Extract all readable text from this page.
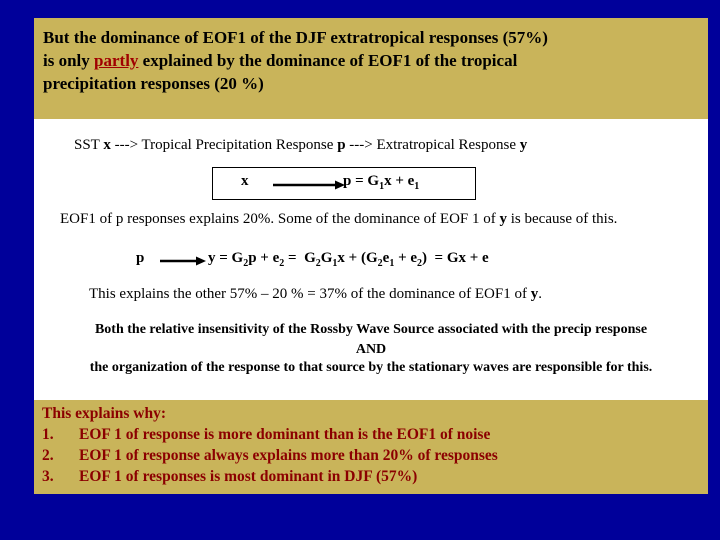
But the dominance of EOF1 of the DJF extratropical responses (57%)
is only partly explained by the dominance of EOF1 of the tropical
precipitation responses (20 %)
SST x ---> Tropical Precipitation Response p ---> Extratropical Response y
x	$p = G_1x + e_1$
EOF1 of p responses explains 20%. Some of the dominance of EOF 1 of y is because of this.
p	$y = G_2p + e_2 = G_2G_1x + (G_2e_1 + e_2) = Gx + e$
This explains the other 57% – 20 % = 37% of the dominance of EOF1 of y.
Both the relative insensitivity of the Rossby Wave Source associated with the precip response
AND
the organization of the response to that source by the stationary waves are responsible for this.
This explains why:
1.	EOF 1 of response is more dominant than is the EOF1 of noise
2.	EOF 1 of response always explains more than 20% of responses
3.	EOF 1 of responses is most dominant in DJF (57%)
